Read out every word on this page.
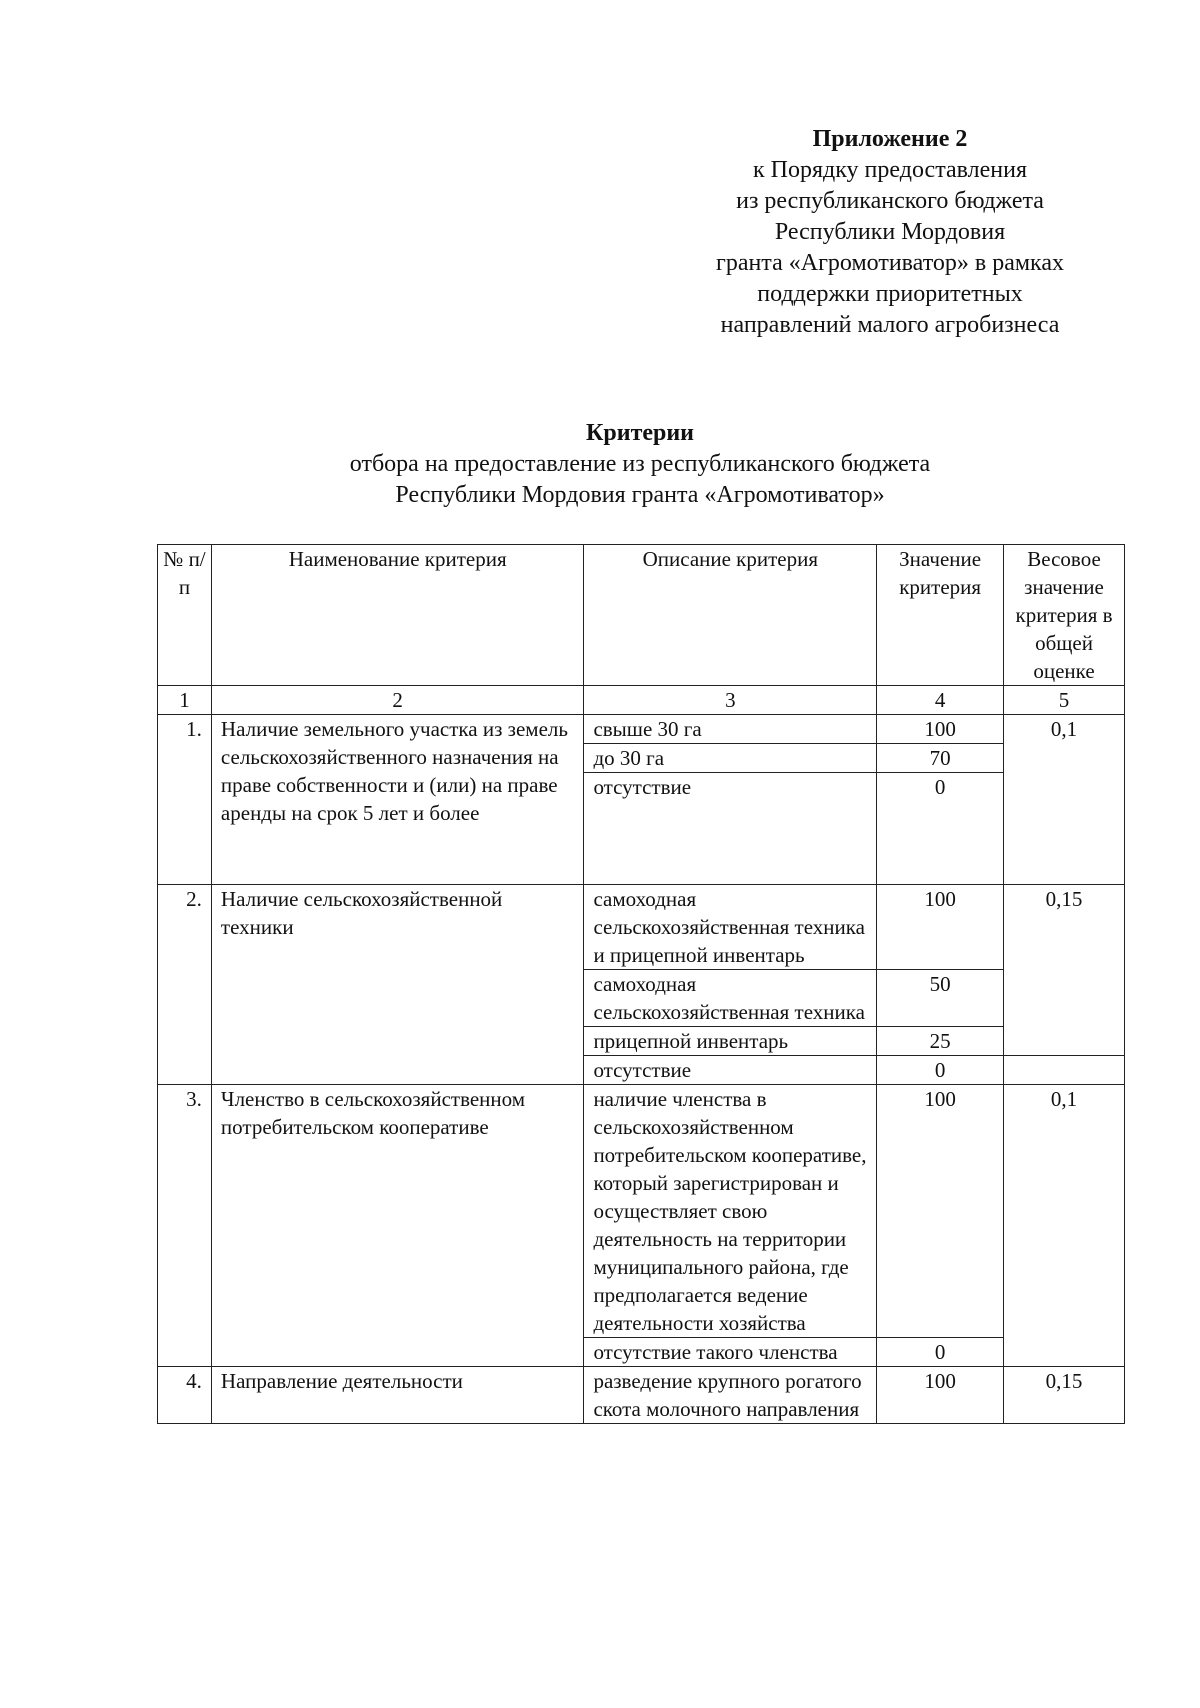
Приложение 2
к Порядку предоставления
из республиканского бюджета
Республики Мордовия
гранта «Агромотиватор» в рамках
поддержки приоритетных
направлений малого агробизнеса
Критерии
отбора на предоставление из республиканского бюджета
Республики Мордовия гранта «Агромотиватор»
№ п/п	Наименование критерия	Описание критерия	Значение критерия	Весовое значение критерия в общей оценке
1	2	3	4	5
1.	Наличие земельного участка из земель сельскохозяйственного назначения на праве собственности и (или) на праве аренды на срок 5 лет и более	свыше 30 га	100	0,1
		до 30 га	70	
		отсутствие	0	
2.	Наличие сельскохозяйственной техники	самоходная сельскохозяйственная техника и прицепной инвентарь	100	0,15
		самоходная сельскохозяйственная техника	50	
		прицепной инвентарь	25	
		отсутствие	0	
3.	Членство в сельскохозяйственном потребительском кооперативе	наличие членства в сельскохозяйственном потребительском кооперативе, который зарегистрирован и осуществляет свою деятельность на территории муниципального района, где предполагается ведение деятельности хозяйства	100	0,1
		отсутствие такого членства	0	
4.	Направление деятельности	разведение крупного рогатого скота молочного направления	100	0,15
